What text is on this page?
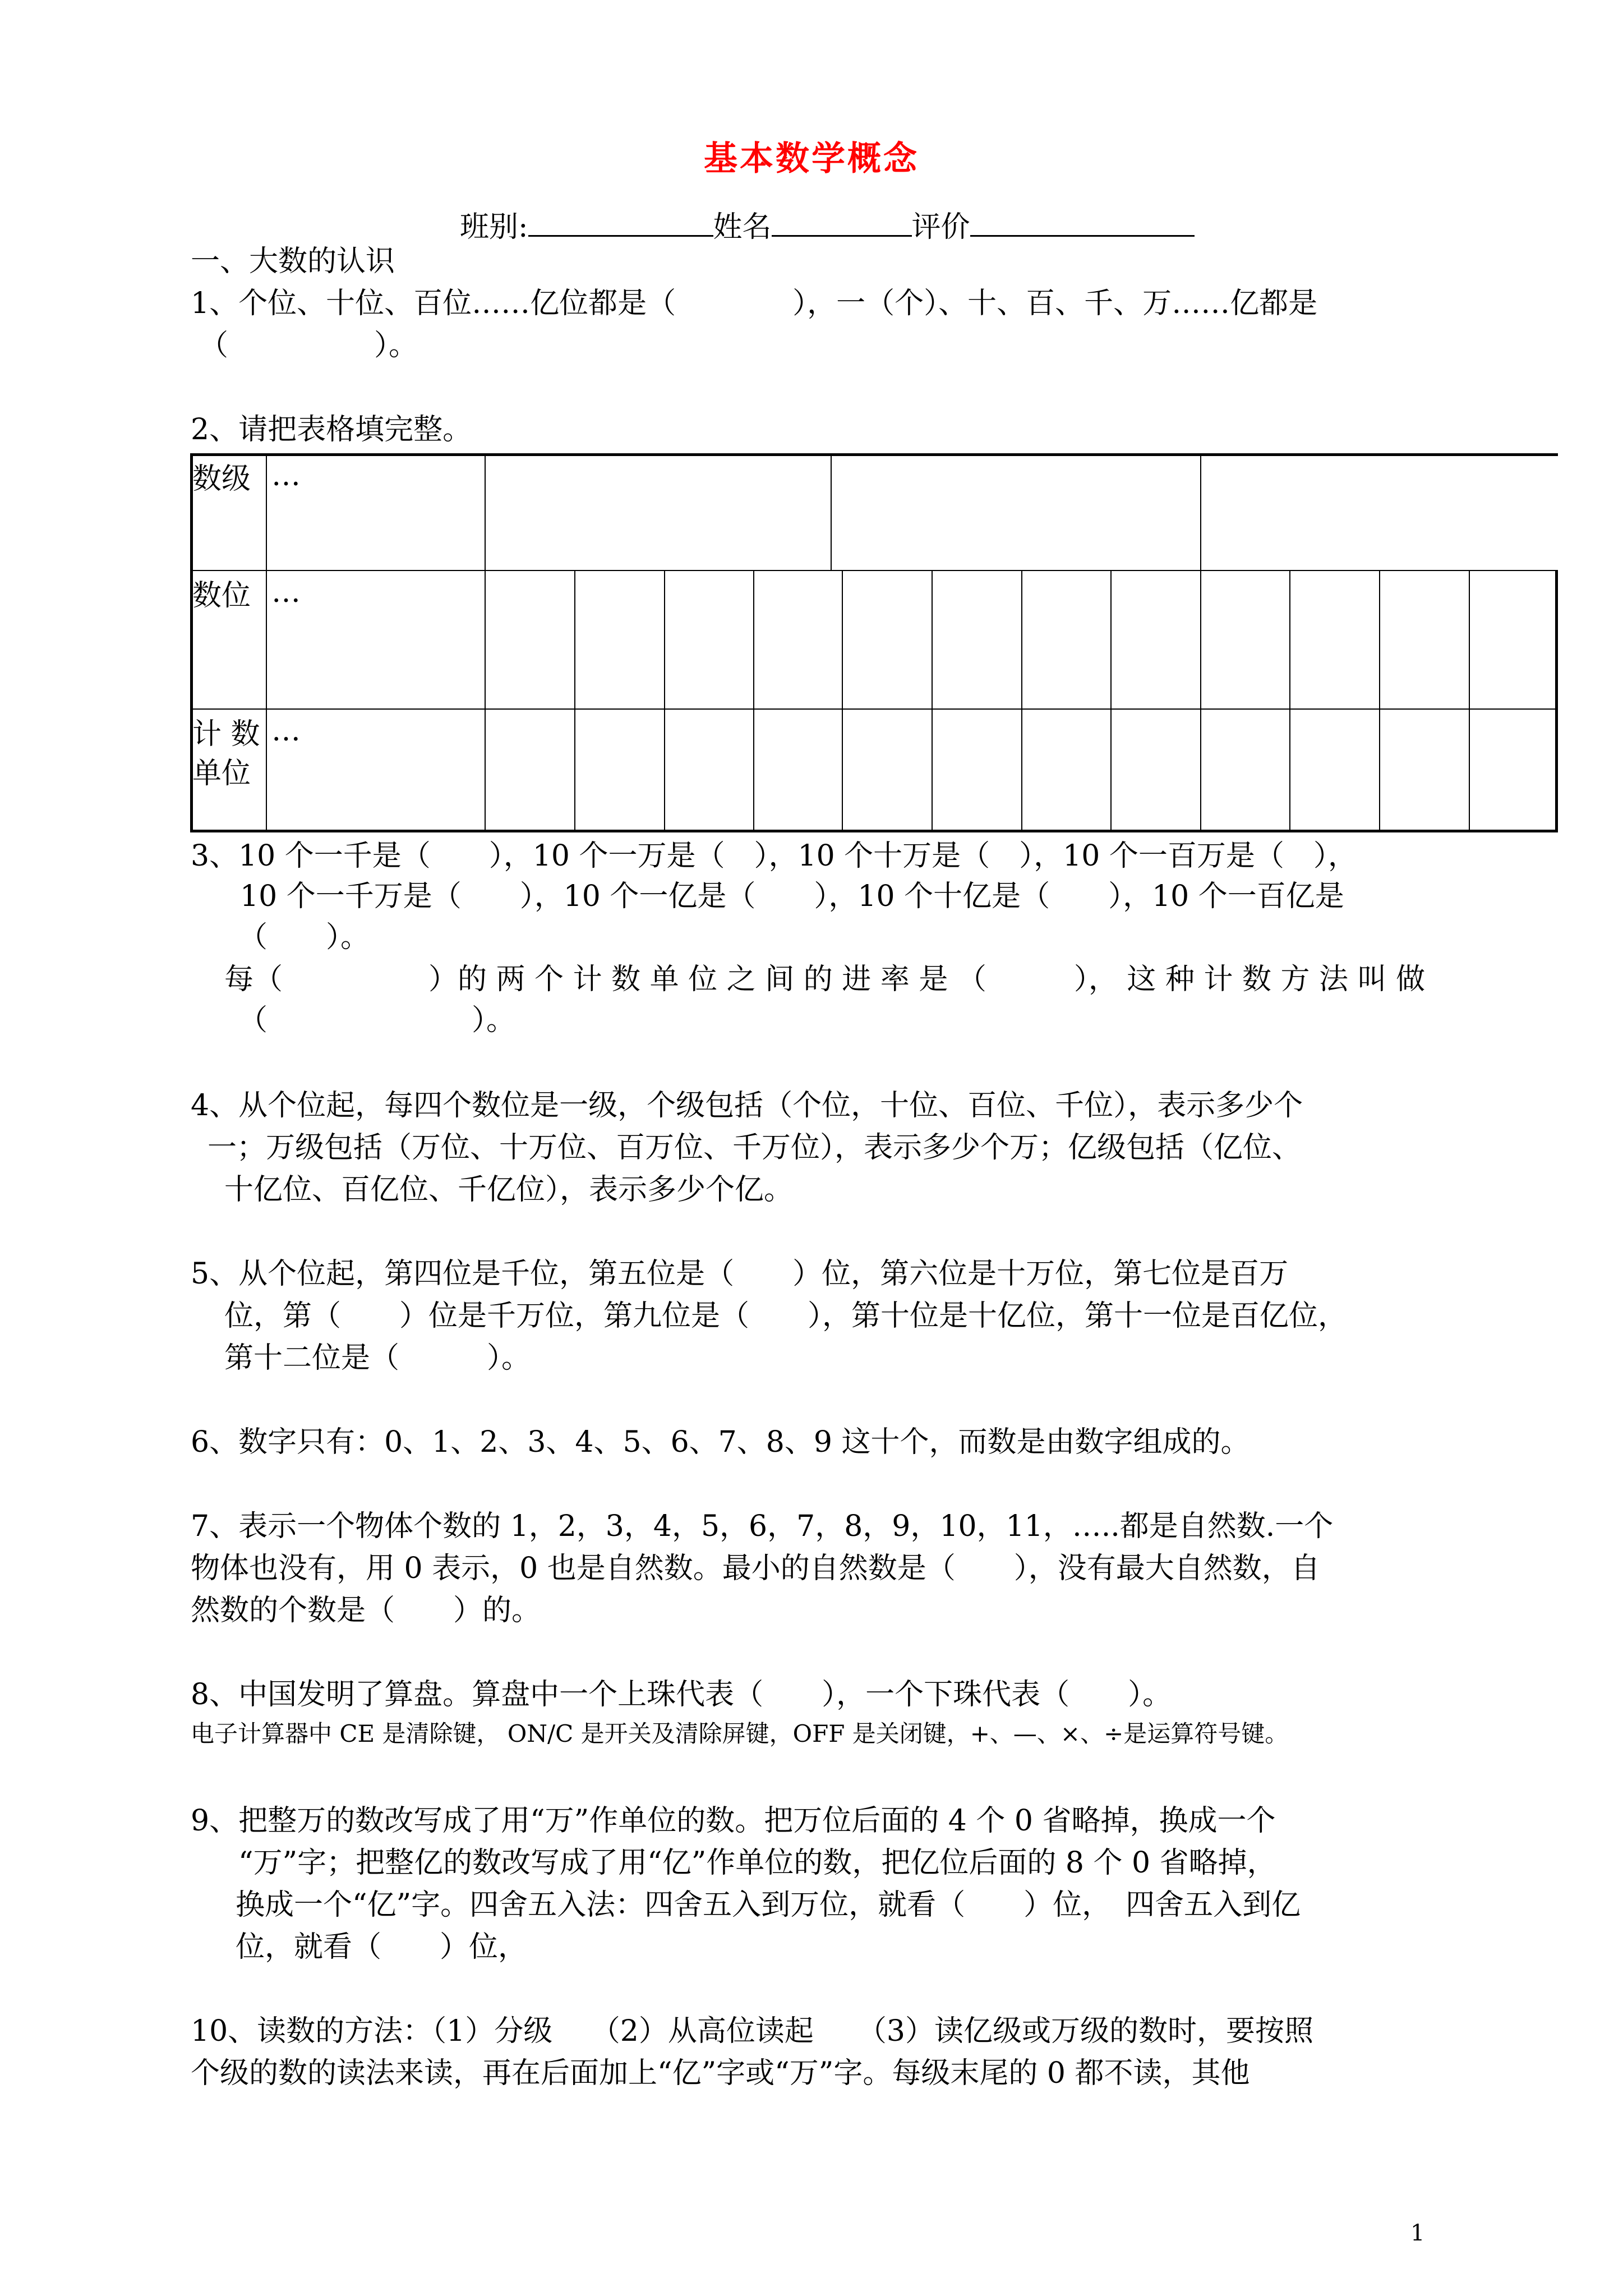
基本数学概念
班别:	姓名	评价
一、大数的认识
1、个位、十位、百位……亿位都是（　　　　），一（个）、十、百、千、万……亿都是
（　　　　　）。
2、请把表格填完整。
数级 …
数位 …
计 数
单位
…
3、10 个一千是（　　），10 个一万是（　），10 个十万是（　），10 个一百万是（　），
10 个一千万是（　　），10 个一亿是（　　），10 个十亿是（　　），10 个一百亿是
（　　）。
每（　　　　　）的 两 个 计 数 单 位 之 间 的 进 率 是 （　　　）， 这 种 计 数 方 法 叫 做
（　　　　　　　）。
4、从个位起，每四个数位是一级，个级包括（个位，十位、百位、千位），表示多少个
一；万级包括（万位、十万位、百万位、千万位），表示多少个万；亿级包括（亿位、
十亿位、百亿位、千亿位），表示多少个亿。
5、从个位起，第四位是千位，第五位是（　　）位，第六位是十万位，第七位是百万
位，第（　　）位是千万位，第九位是（　　），第十位是十亿位，第十一位是百亿位，
第十二位是（　　　）。
6、数字只有：0、1、2、3、4、5、6、7、8、9 这十个，而数是由数字组成的。
7、表示一个物体个数的 1，2，3，4，5，6，7，8，9，10，11，…..都是自然数.一个
物体也没有，用 0 表示，0 也是自然数。最小的自然数是（　　），没有最大自然数，自
然数的个数是（　　）的。
8、中国发明了算盘。算盘中一个上珠代表（　　），一个下珠代表（　　）。
电子计算器中 CE 是清除键， ON/C 是开关及清除屏键，OFF 是关闭键，+、—、×、÷是运算符号键。
9、把整万的数改写成了用“万”作单位的数。把万位后面的 4 个 0 省略掉，换成一个
“万”字；把整亿的数改写成了用“亿”作单位的数，把亿位后面的 8 个 0 省略掉，
换成一个“亿”字。四舍五入法：四舍五入到万位，就看（　　）位，　四舍五入到亿
位，就看（　　）位，
10、读数的方法：（1）分级　 （2）从高位读起　　（3）读亿级或万级的数时，要按照
个级的数的读法来读，再在后面加上“亿”字或“万”字。每级末尾的 0 都不读，其他
1
